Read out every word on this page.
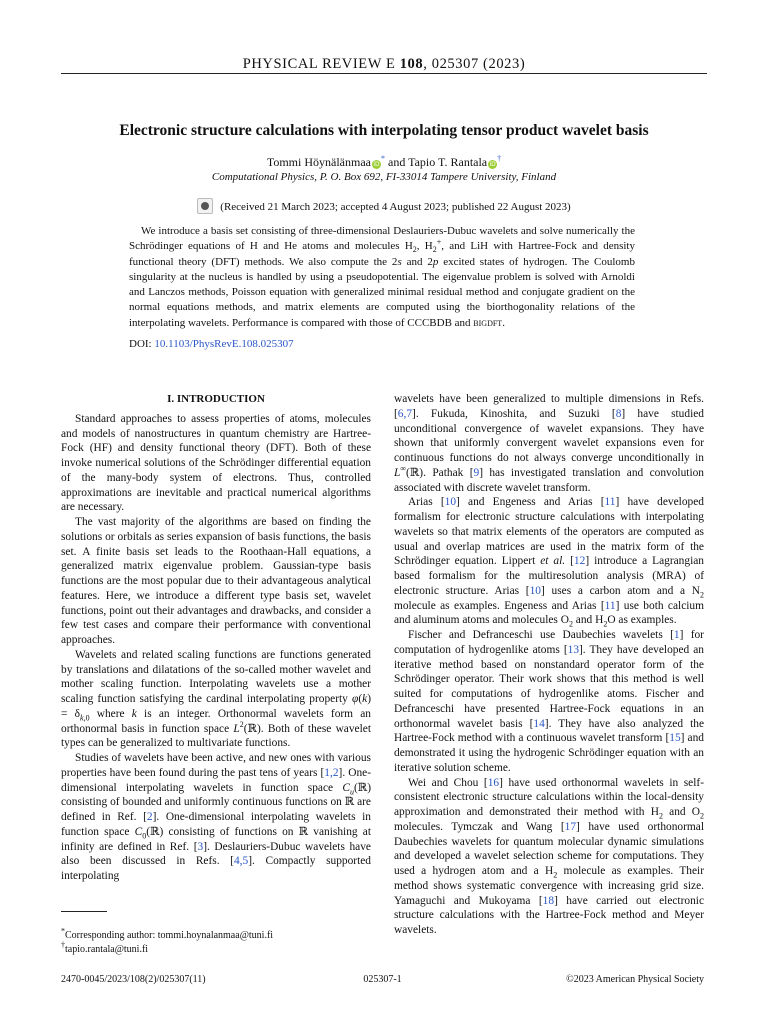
PHYSICAL REVIEW E 108, 025307 (2023)
Electronic structure calculations with interpolating tensor product wavelet basis
Tommi Höynälänmaa iD* and Tapio T. Rantala iD†
Computational Physics, P. O. Box 692, FI-33014 Tampere University, Finland
(Received 21 March 2023; accepted 4 August 2023; published 22 August 2023)

We introduce a basis set consisting of three-dimensional Deslauriers-Dubuc wavelets and solve numerically the Schrödinger equations of H and He atoms and molecules $H_2$, $H_2^+$, and LiH with Hartree-Fock and density functional theory (DFT) methods. We also compute the 2s and 2p excited states of hydrogen. The Coulomb singularity at the nucleus is handled by using a pseudopotential. The eigenvalue problem is solved with Arnoldi and Lanczos methods, Poisson equation with generalized minimal residual method and conjugate gradient on the normal equations methods, and matrix elements are computed using the biorthogonality relations of the interpolating wavelets. Performance is compared with those of CCCBDB and bigdft.

DOI: 10.1103/PhysRevE.108.025307
I. INTRODUCTION

Standard approaches to assess properties of atoms, molecules and models of nanostructures in quantum chemistry are Hartree-Fock (HF) and density functional theory (DFT). Both of these invoke numerical solutions of the Schrödinger differential equation of the many-body system of electrons. Thus, controlled approximations are inevitable and practical numerical algorithms are necessary.

The vast majority of the algorithms are based on finding the solutions or orbitals as series expansion of basis functions, the basis set. A finite basis set leads to the Roothaan-Hall equations, a generalized matrix eigenvalue problem. Gaussian-type basis functions are the most popular due to their advantageous analytical features. Here, we introduce a different type basis set, wavelet functions, point out their advantages and drawbacks, and consider a few test cases and compare their performance with conventional approaches.

Wavelets and related scaling functions are functions generated by translations and dilatations of the so-called mother wavelet and mother scaling function. Interpolating wavelets use a mother scaling function satisfying the cardinal interpolating property $\varphi(k) = \delta_{k,0}$ where k is an integer. Orthonormal wavelets form an orthonormal basis in function space $L^2(ℝ)$. Both of these wavelet types can be generalized to multivariate functions.

Studies of wavelets have been active, and new ones with various properties have been found during the past tens of years [1,2]. One-dimensional interpolating wavelets in function space $C_u(ℝ)$ consisting of bounded and uniformly continuous functions on ℝ are defined in Ref. [2]. One-dimensional interpolating wavelets in function space $C_0(ℝ)$ consisting of functions on ℝ vanishing at infinity are defined in Ref. [3]. Deslauriers-Dubuc wavelets have also been discussed in Refs. [4,5]. Compactly supported interpolating

wavelets have been generalized to multiple dimensions in Refs. [6,7]. Fukuda, Kinoshita, and Suzuki [8] have studied unconditional convergence of wavelet expansions. They have shown that uniformly convergent wavelet expansions even for continuous functions do not always converge unconditionally in L∞(ℝ). Pathak [9] has investigated translation and convolution associated with discrete wavelet transform.

Arias [10] and Engeness and Arias [11] have developed formalism for electronic structure calculations with interpolating wavelets so that matrix elements of the operators are computed as usual and overlap matrices are used in the matrix form of the Schrödinger equation. Lippert et al. [12] introduce a Lagrangian based formalism for the multiresolution analysis (MRA) of electronic structure. Arias [10] uses a carbon atom and a $N_2$ molecule as examples. Engeness and Arias [11] use both calcium and aluminum atoms and molecules $O_2$ and $H_2O$ as examples.

Fischer and Defranceschi use Daubechies wavelets [1] for computation of hydrogenlike atoms [13]. They have developed an iterative method based on nonstandard operator form of the Schrödinger operator. Their work shows that this method is well suited for computations of hydrogenlike atoms. Fischer and Defranceschi have presented Hartree-Fock equations in an orthonormal wavelet basis [14]. They have also analyzed the Hartree-Fock method with a continuous wavelet transform [15] and demonstrated it using the hydrogenic Schrödinger equation with an iterative solution scheme.

Wei and Chou [16] have used orthonormal wavelets in self-consistent electronic structure calculations within the local-density approximation and demonstrated their method with $H_2$ and $O_2$ molecules. Tymczak and Wang [17] have used orthonormal Daubechies wavelets for quantum molecular dynamic simulations and developed a wavelet selection scheme for computations. They used a hydrogen atom and a $H_2$ molecule as examples. Their method shows systematic convergence with increasing grid size. Yamaguchi and Mukoyama [18] have carried out electronic structure calculations with the Hartree-Fock method and Meyer wavelets.

*Corresponding author: tommi.hoynalanmaa@tuni.fi
†tapio.rantala@tuni.fi
2470-0045/2023/108(2)/025307(11)	025307-1	©2023 American Physical Society
